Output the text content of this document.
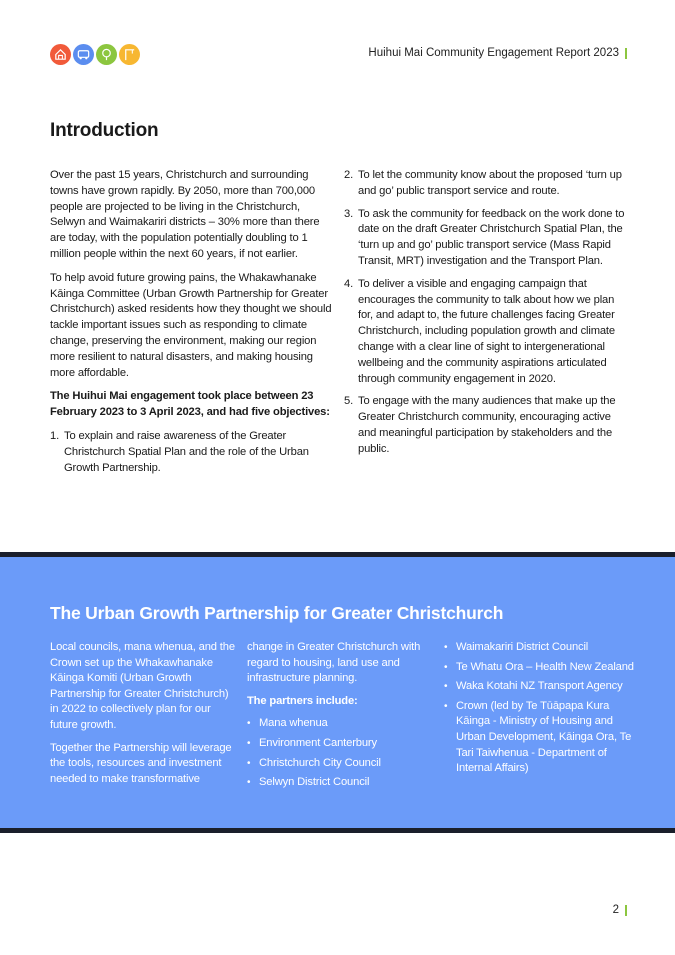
Huihui Mai Community Engagement Report 2023
Introduction

Over the past 15 years, Christchurch and surrounding towns have grown rapidly. By 2050, more than 700,000 people are projected to be living in the Christchurch, Selwyn and Waimakariri districts – 30% more than there are today, with the population potentially doubling to 1 million people within the next 60 years, if not earlier.

To help avoid future growing pains, the Whakawhanake Kāinga Committee (Urban Growth Partnership for Greater Christchurch) asked residents how they thought we should tackle important issues such as responding to climate change, preserving the environment, making our region more resilient to natural disasters, and making housing more affordable.

The Huihui Mai engagement took place between 23 February 2023 to 3 April 2023, and had five objectives:

1. To explain and raise awareness of the Greater Christchurch Spatial Plan and the role of the Urban Growth Partnership.
2. To let the community know about the proposed ‘turn up and go’ public transport service and route.
3. To ask the community for feedback on the work done to date on the draft Greater Christchurch Spatial Plan, the ‘turn up and go’ public transport service (Mass Rapid Transit, MRT) investigation and the Transport Plan.
4. To deliver a visible and engaging campaign that encourages the community to talk about how we plan for, and adapt to, the future challenges facing Greater Christchurch, including population growth and climate change with a clear line of sight to intergenerational wellbeing and the community aspirations articulated through community engagement in 2020.
5. To engage with the many audiences that make up the Greater Christchurch community, encouraging active and meaningful participation by stakeholders and the public.
The Urban Growth Partnership for Greater Christchurch

Local councils, mana whenua, and the Crown set up the Whakawhanake Kāinga Komiti (Urban Growth Partnership for Greater Christchurch) in 2022 to collectively plan for our future growth.

Together the Partnership will leverage the tools, resources and investment needed to make transformative

change in Greater Christchurch with regard to housing, land use and infrastructure planning.

The partners include:

• Mana whenua
• Environment Canterbury
• Christchurch City Council
• Selwyn District Council
• Waimakariri District Council
• Te Whatu Ora – Health New Zealand
• Waka Kotahi NZ Transport Agency
• Crown (led by Te Tūāpapa Kura Kāinga - Ministry of Housing and Urban Development, Kāinga Ora, Te Tari Taiwhenua - Department of Internal Affairs)
2
